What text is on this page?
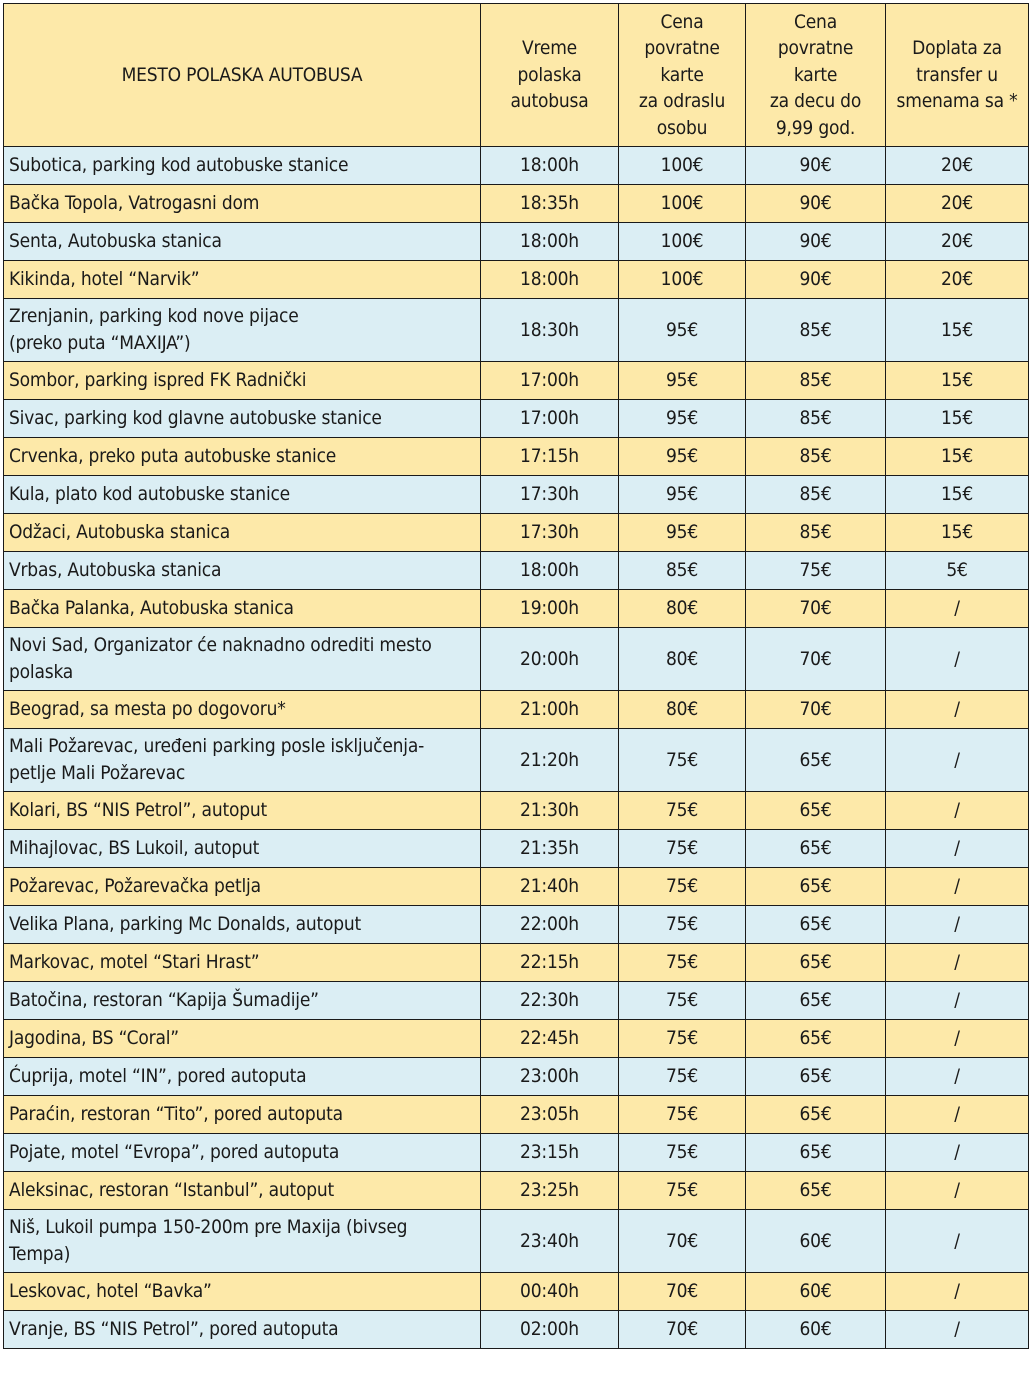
MESTO POLASKA AUTOBUSA	Vreme
polaska
autobusa	Cena
povratne
karte
za odraslu
osobu	Cena
povratne
karte
za decu do
9,99 god.	Doplata za
transfer u
smenama sa *

Subotica, parking kod autobuske stanice	18:00h	100€	90€	20€
Bačka Topola, Vatrogasni dom	18:35h	100€	90€	20€
Senta, Autobuska stanica	18:00h	100€	90€	20€
Kikinda, hotel “Narvik”	18:00h	100€	90€	20€

Zrenjanin, parking kod nove pijace
(preko puta “MAXIJA”)	18:30h	95€	85€	15€
Sombor, parking ispred FK Radnički	17:00h	95€	85€	15€
Sivac, parking kod glavne autobuske stanice	17:00h	95€	85€	15€
Crvenka, preko puta autobuske stanice	17:15h	95€	85€	15€
Kula, plato kod autobuske stanice	17:30h	95€	85€	15€
Odžaci, Autobuska stanica	17:30h	95€	85€	15€
Vrbas, Autobuska stanica	18:00h	85€	75€	5€
Bačka Palanka, Autobuska stanica	19:00h	80€	70€	/

Novi Sad, Organizator će naknadno odrediti mesto
polaska	20:00h	80€	70€	/
Beograd, sa mesta po dogovoru*	21:00h	80€	70€	/

Mali Požarevac, uređeni parking posle isključenja-
petlje Mali Požarevac	21:20h	75€	65€	/
Kolari, BS “NIS Petrol”, autoput	21:30h	75€	65€	/
Mihajlovac, BS Lukoil, autoput	21:35h	75€	65€	/
Požarevac, Požarevačka petlja	21:40h	75€	65€	/
Velika Plana, parking Mc Donalds, autoput	22:00h	75€	65€	/
Markovac, motel “Stari Hrast”	22:15h	75€	65€	/
Batočina, restoran “Kapija Šumadije”	22:30h	75€	65€	/
Jagodina, BS “Coral”	22:45h	75€	65€	/
Ćuprija, motel “IN”, pored autoputa	23:00h	75€	65€	/
Paraćin, restoran “Tito”, pored autoputa	23:05h	75€	65€	/
Pojate, motel “Evropa”, pored autoputa	23:15h	75€	65€	/
Aleksinac, restoran “Istanbul”, autoput	23:25h	75€	65€	/

Niš, Lukoil pumpa 150-200m pre Maxija (bivseg
Tempa)	23:40h	70€	60€	/
Leskovac, hotel “Bavka”	00:40h	70€	60€	/
Vranje, BS “NIS Petrol”, pored autoputa	02:00h	70€	60€	/
